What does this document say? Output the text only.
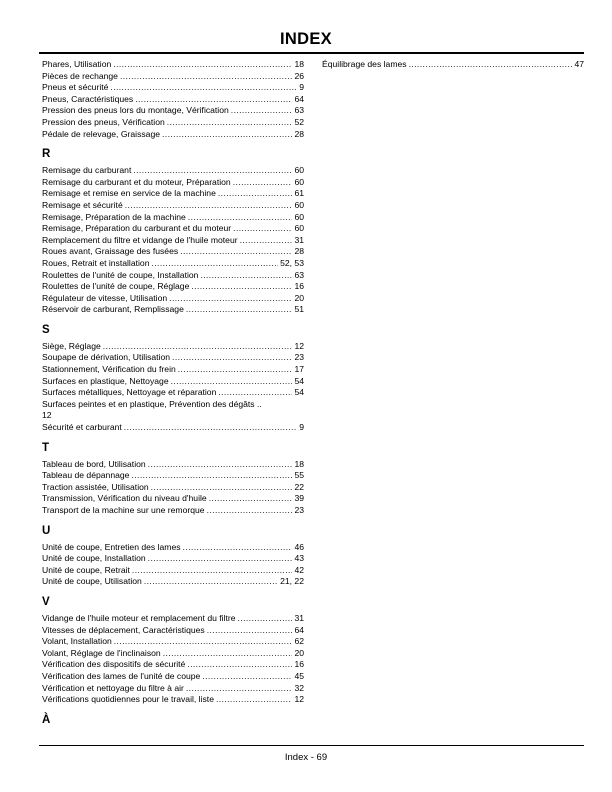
INDEX
Phares, Utilisation .....	18
Pièces de rechange .....	26
Pneus et sécurité .....	9
Pneus, Caractéristiques .....	64
Pression des pneus lors du montage, Vérification .....	63
Pression des pneus, Vérification .....	52
Pédale de relevage, Graissage .....	28
R
Remisage du carburant .....	60
Remisage du carburant et du moteur, Préparation .....	60
Remisage et remise en service de la machine .....	61
Remisage et sécurité .....	60
Remisage, Préparation de la machine .....	60
Remisage, Préparation du carburant et du moteur .....	60
Remplacement du filtre et vidange de l'huile moteur .....	31
Roues avant, Graissage des fusées .....	28
Roues, Retrait et installation .....	52, 53
Roulettes de l'unité de coupe, Installation .....	63
Roulettes de l'unité de coupe, Réglage .....	16
Régulateur de vitesse, Utilisation .....	20
Réservoir de carburant, Remplissage .....	51
S
Siège, Réglage .....	12
Soupape de dérivation, Utilisation .....	23
Stationnement, Vérification du frein .....	17
Surfaces en plastique, Nettoyage .....	54
Surfaces métalliques, Nettoyage et réparation .....	54
Surfaces peintes et en plastique, Prévention des dégâts ..
12
Sécurité et carburant .....	9
T
Tableau de bord, Utilisation .....	18
Tableau de dépannage .....	55
Traction assistée, Utilisation .....	22
Transmission, Vérification du niveau d'huile .....	39
Transport de la machine sur une remorque .....	23
U
Unité de coupe, Entretien des lames .....	46
Unité de coupe, Installation .....	43
Unité de coupe, Retrait .....	42
Unité de coupe, Utilisation .....	21, 22
V
Vidange de l'huile moteur et remplacement du filtre .....	31
Vitesses de déplacement, Caractéristiques .....	64
Volant, Installation .....	62
Volant, Réglage de l'inclinaison .....	20
Vérification des dispositifs de sécurité .....	16
Vérification des lames de l'unité de coupe .....	45
Vérification et nettoyage du filtre à air .....	32
Vérifications quotidiennes pour le travail, liste .....	12
À
Équilibrage des lames .....	47
Index - 69
